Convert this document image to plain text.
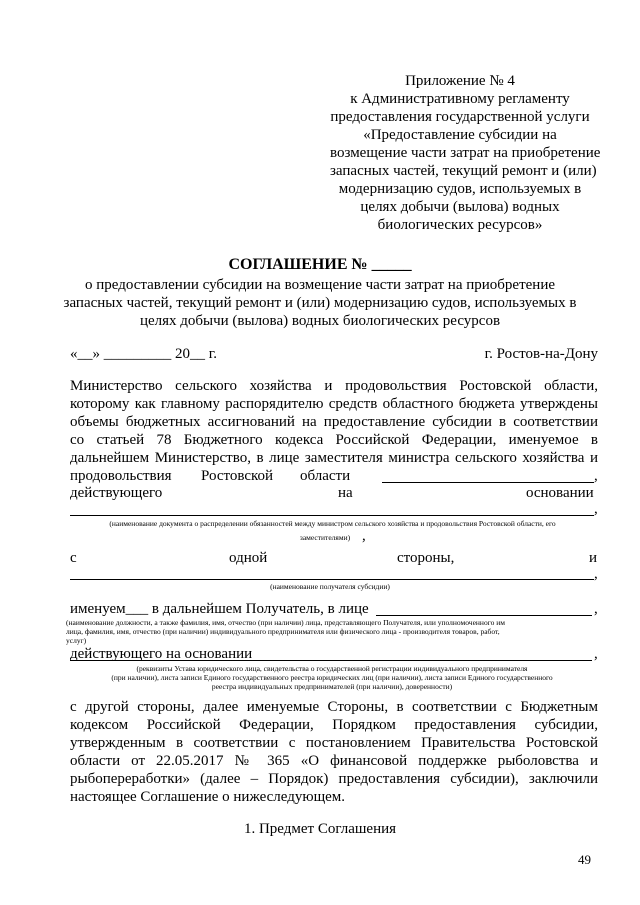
Приложение № 4
к Административному регламенту
предоставления государственной услуги
«Предоставление субсидии на
возмещение части затрат на приобретение
запасных частей, текущий ремонт и (или)
модернизацию судов, используемых в
целях добычи (вылова) водных
биологических ресурсов»
СОГЛАШЕНИЕ № _____
о предоставлении субсидии на возмещение части затрат на приобретение
запасных частей, текущий ремонт и (или) модернизацию судов, используемых в
целях добычи (вылова) водных биологических ресурсов
«__» _________ 20__ г.	г. Ростов-на-Дону
Министерство сельского хозяйства и продовольствия Ростовской области,
которому как главному распорядителю средств областного бюджета утверждены
объемы бюджетных ассигнований на предоставление субсидии в соответствии
со статьей 78 Бюджетного кодекса Российской Федерации, именуемое в
дальнейшем Министерство, в лице заместителя министра сельского хозяйства и
продовольствия Ростовской области	,
действующего	на	основании
,
(наименование документа о распределении обязанностей между министром сельского хозяйства и продовольствия Ростовской области, его
заместителями) ,
с	одной	стороны,	и
,
(наименование получателя субсидии)
именуем___ в дальнейшем Получатель, в лице	,
(наименование должности, а также фамилия, имя, отчество (при наличии) лица, представляющего Получателя, или уполномоченного им
лица, фамилия, имя, отчество (при наличии) индивидуального предпринимателя или физического лица - производителя товаров, работ,
услуг)
действующего на основании	,
(реквизиты Устава юридического лица, свидетельства о государственной регистрации индивидуального предпринимателя
(при наличии), листа записи Единого государственного реестра юридических лиц (при наличии), листа записи Единого государственного
реестра индивидуальных предпринимателей (при наличии), доверенности)
с другой стороны, далее именуемые Стороны, в соответствии с Бюджетным
кодексом Российской Федерации, Порядком предоставления субсидии,
утвержденным в соответствии с постановлением Правительства Ростовской
области от 22.05.2017 № 365 «О финансовой поддержке рыболовства и
рыбопереработки» (далее – Порядок) предоставления субсидии), заключили
настоящее Соглашение о нижеследующем.
1. Предмет Соглашения
49
